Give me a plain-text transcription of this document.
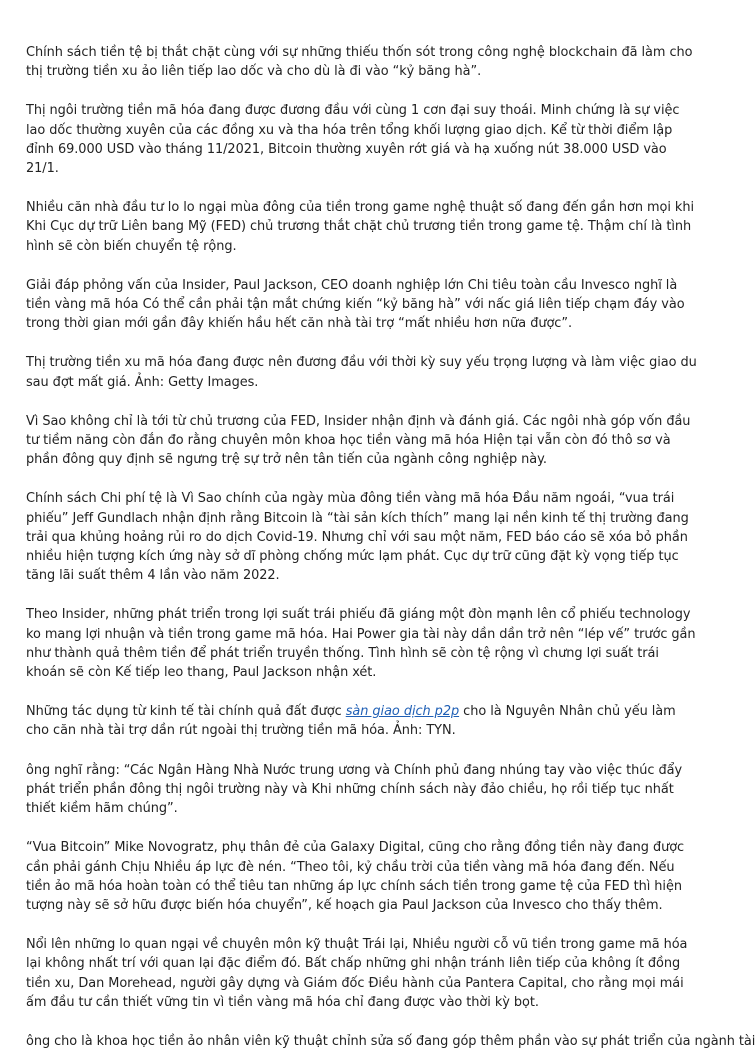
Chính sách tiền tệ bị thắt chặt cùng với sự những thiếu thốn sót trong công nghệ blockchain đã làm cho thị trường tiền xu ảo liên tiếp lao dốc và cho dù là đi vào “kỷ băng hà”.

Thị ngôi trường tiền mã hóa đang được đương đầu với cùng 1 cơn đại suy thoái. Minh chứng là sự việc lao dốc thường xuyên của các đồng xu và tha hóa trên tổng khối lượng giao dịch. Kể từ thời điểm lập đỉnh 69.000 USD vào tháng 11/2021, Bitcoin thường xuyên rớt giá và hạ xuống nút 38.000 USD vào 21/1.

Nhiều căn nhà đầu tư lo lo ngại mùa đông của tiền trong game nghệ thuật số đang đến gần hơn mọi khi Khi Cục dự trữ Liên bang Mỹ (FED) chủ trương thắt chặt chủ trương tiền trong game tệ. Thậm chí là tình hình sẽ còn biến chuyển tệ rộng.

Giải đáp phỏng vấn của Insider, Paul Jackson, CEO doanh nghiệp lớn Chi tiêu toàn cầu Invesco nghĩ là tiền vàng mã hóa Có thể cần phải tận mắt chứng kiến “kỷ băng hà” với nấc giá liên tiếp chạm đáy vào trong thời gian mới gần đây khiến hầu hết căn nhà tài trợ “mất nhiều hơn nữa được”.

Thị trường tiền xu mã hóa đang được nên đương đầu với thời kỳ suy yếu trọng lượng và làm việc giao du sau đợt mất giá. Ảnh: Getty Images.

Vì Sao không chỉ là tới từ chủ trương của FED, Insider nhận định và đánh giá. Các ngôi nhà góp vốn đầu tư tiềm năng còn đắn đo rằng chuyên môn khoa học tiền vàng mã hóa Hiện tại vẫn còn đó thô sơ và phần đông quy định sẽ ngưng trệ sự trở nên tân tiến của ngành công nghiệp này.

Chính sách Chi phí tệ là Vì Sao chính của ngày mùa đông tiền vàng mã hóa Đầu năm ngoái, “vua trái phiếu” Jeff Gundlach nhận định rằng Bitcoin là “tài sản kích thích” mang lại nền kinh tế thị trường đang trải qua khủng hoảng rủi ro do dịch Covid-19. Nhưng chỉ với sau một năm, FED báo cáo sẽ xóa bỏ phần nhiều hiện tượng kích ứng này sở dĩ phòng chống mức lạm phát. Cục dự trữ cũng đặt kỳ vọng tiếp tục tăng lãi suất thêm 4 lần vào năm 2022.

Theo Insider, những phát triển trong lợi suất trái phiếu đã giáng một đòn mạnh lên cổ phiếu technology ko mang lợi nhuận và tiền trong game mã hóa. Hai Power gia tài này dần dần trở nên “lép vế” trước gần như thành quả thêm tiền để phát triển truyền thống. Tình hình sẽ còn tệ rộng vì chưng lợi suất trái khoán sẽ còn Kế tiếp leo thang, Paul Jackson nhận xét.

Những tác dụng từ kinh tế tài chính quả đất được sàn giao dịch p2p cho là Nguyên Nhân chủ yếu làm cho căn nhà tài trợ dần rút ngoài thị trường tiền mã hóa. Ảnh: TYN.

ông nghĩ rằng: “Các Ngân Hàng Nhà Nước trung ương và Chính phủ đang nhúng tay vào việc thúc đẩy phát triển phần đông thị ngôi trường này và Khi những chính sách này đảo chiều, họ rồi tiếp tục nhất thiết kiềm hãm chúng”.

“Vua Bitcoin” Mike Novogratz, phụ thân đẻ của Galaxy Digital, cũng cho rằng đồng tiền này đang được cần phải gánh Chịu Nhiều áp lực đè nén. “Theo tôi, kỷ chầu trời của tiền vàng mã hóa đang đến. Nếu tiền ảo mã hóa hoàn toàn có thể tiêu tan những áp lực chính sách tiền trong game tệ của FED thì hiện tượng này sẽ sở hữu được biến hóa chuyển”, kế hoạch gia Paul Jackson của Invesco cho thấy thêm.

Nổi lên những lo quan ngại về chuyên môn kỹ thuật Trái lại, Nhiều người cỗ vũ tiền trong game mã hóa lại không nhất trí với quan lại đặc điểm đó. Bất chấp những ghi nhận tránh liên tiếp của không ít đồng tiền xu, Dan Morehead, người gây dựng và Giám đốc Điều hành của Pantera Capital, cho rằng mọi mái ấm đầu tư cần thiết vững tin vì tiền vàng mã hóa chỉ đang được vào thời kỳ bọt.

ông cho là khoa học tiền ảo nhân viên kỹ thuật chỉnh sửa số đang góp thêm phần vào sự phát triển của ngành tài
